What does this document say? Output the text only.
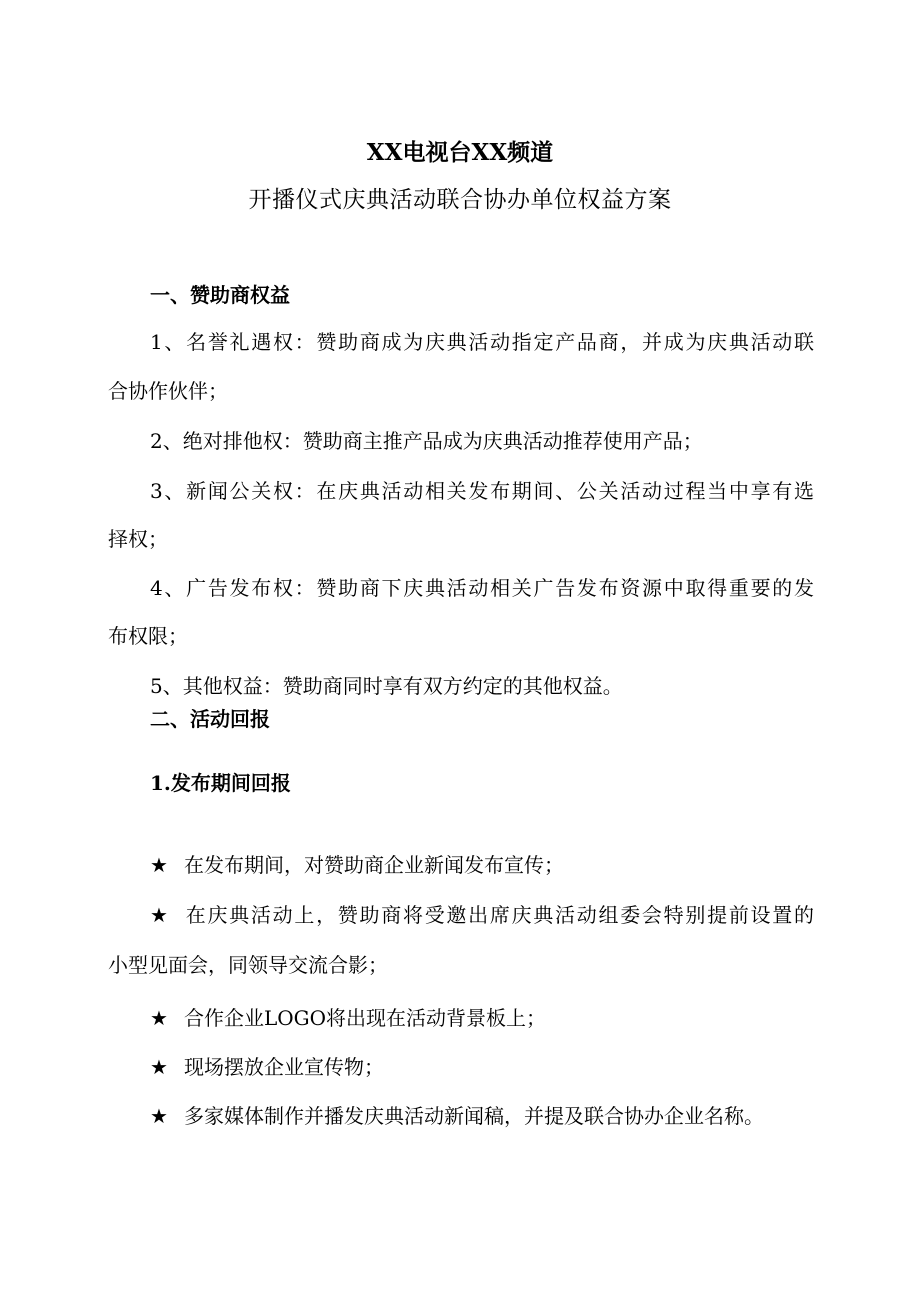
XX电视台XX频道
开播仪式庆典活动联合协办单位权益方案
一、赞助商权益
1、名誉礼遇权：赞助商成为庆典活动指定产品商，并成为庆典活动联
合协作伙伴；
2、绝对排他权：赞助商主推产品成为庆典活动推荐使用产品；
3、新闻公关权：在庆典活动相关发布期间、公关活动过程当中享有选
择权；
4、广告发布权：赞助商下庆典活动相关广告发布资源中取得重要的发
布权限；
5、其他权益：赞助商同时享有双方约定的其他权益。
二、活动回报
1.发布期间回报
★ 在发布期间，对赞助商企业新闻发布宣传；
★ 在庆典活动上，赞助商将受邀出席庆典活动组委会特别提前设置的
小型见面会，同领导交流合影；
★ 合作企业LOGO将出现在活动背景板上；
★ 现场摆放企业宣传物；
★ 多家媒体制作并播发庆典活动新闻稿，并提及联合协办企业名称。
